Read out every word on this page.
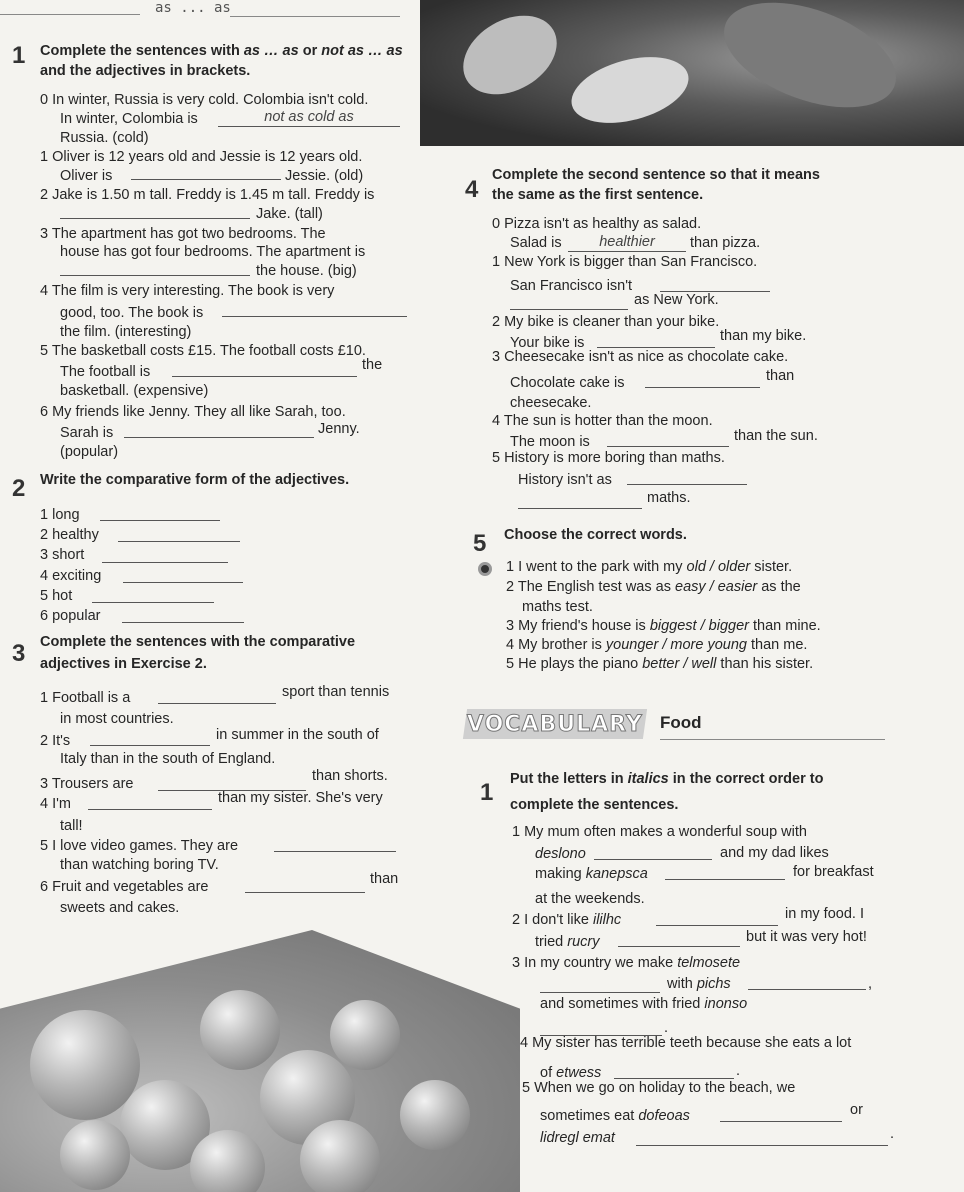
as ... as
1 Complete the sentences with as … as or not as … as
and the adjectives in brackets.
0 In winter, Russia is very cold. Colombia isn't cold.
In winter, Colombia is	not as cold as
Russia. (cold)
1 Oliver is 12 years old and Jessie is 12 years old.
Oliver is	Jessie. (old)
2 Jake is 1.50 m tall. Freddy is 1.45 m tall. Freddy is
Jake. (tall)
3 The apartment has got two bedrooms. The
house has got four bedrooms. The apartment is
the house. (big)
4 The film is very interesting. The book is very
good, too. The book is
the film. (interesting)
5 The basketball costs £15. The football costs £10.
The football is	the
basketball. (expensive)
6 My friends like Jenny. They all like Sarah, too.
Sarah is	Jenny.
(popular)
2 Write the comparative form of the adjectives.
1 long
2 healthy
3 short
4 exciting
5 hot
6 popular
3 Complete the sentences with the comparative
adjectives in Exercise 2.
1 Football is a	sport than tennis
in most countries.
2 It's	in summer in the south of
Italy than in the south of England.
3 Trousers are	than shorts.
4 I'm	than my sister. She's very
tall!
5 I love video games. They are
than watching boring TV.
6 Fruit and vegetables are	than
sweets and cakes.
4
Complete the second sentence so that it means
the same as the first sentence.
0 Pizza isn't as healthy as salad.
Salad is	healthier	than pizza.
1 New York is bigger than San Francisco.
San Francisco isn't
as New York.
2 My bike is cleaner than your bike.
Your bike is	than my bike.
3 Cheesecake isn't as nice as chocolate cake.
Chocolate cake is	than
cheesecake.
4 The sun is hotter than the moon.
The moon is	than the sun.
5 History is more boring than maths.
History isn't as
maths.
5 Choose the correct words.
1 I went to the park with my old / older sister.
2 The English test was as easy / easier as the
maths test.
3 My friend's house is biggest / bigger than mine.
4 My brother is younger / more young than me.
5 He plays the piano better / well than his sister.
VOCABULARY Food
1 Put the letters in italics in the correct order to
complete the sentences.
1 My mum often makes a wonderful soup with
deslono	and my dad likes
making kanepsca	for breakfast
at the weekends.
2 I don't like ililhc	in my food. I
tried rucry	but it was very hot!
3 In my country we make telmosete
with pichs	,
and sometimes with fried inonso
.
4 My sister has terrible teeth because she eats a lot
of etwess	.
5 When we go on holiday to the beach, we
sometimes eat dofeoas	or
lidregl emat	.
